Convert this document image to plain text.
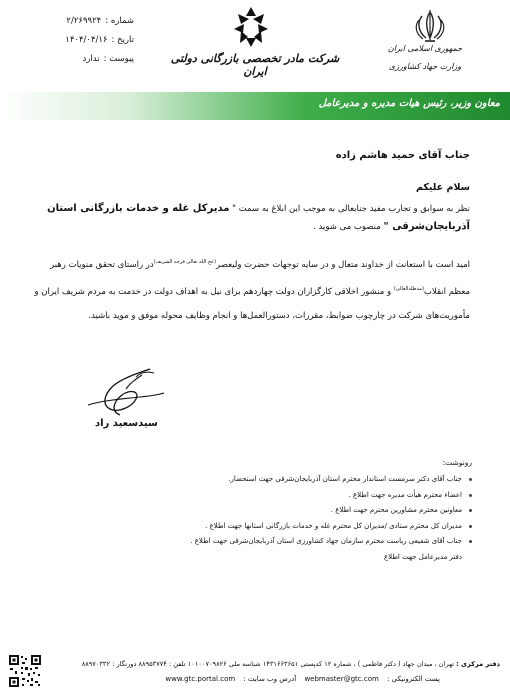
جمهوری اسلامی ایران
وزارت جهاد کشاورزی
شرکت مادر تخصصی بازرگانی دولتی ایران
شماره :
۲/۲۶۹۹۲۴
تاریخ :
۱۴۰۴/۰۴/۱۶
پیوست :
ندارد
معاون وزیر، رئیس هیات مدیره و مدیرعامل
جناب آقای حمید هاشم زاده
سلام علیکم
نظر به سوابق و تجارب مفید جنابعالی به موجب این ابلاغ به سمت " مدیرکل غله و خدمات بازرگانی استان آذربایجان‌شرقی " منصوب می شوید .
امید است با استعانت از خداوند متعال و در سایه توجهات حضرت ولیعصر$^{(عج الله تعالی فرجه الشریف)}$در راستای تحقق منویات رهبر معظم انقلاب$^{(مدظله‌العالی)}$ و منشور اخلاقی کارگزاران دولت چهاردهم برای نیل به اهداف دولت در خدمت به مردم شریف ایران و مأموریت‌های شرکت در چارچوب ضوابط، مقررات، دستورالعمل‌ها و انجام وظایف محوله موفق و موید باشید.
سیدسعید راد
رونوشت:
جناب آقای دکتر سرمست استاندار محترم استان آذربایجان‌شرقی جهت استحضار.
اعضاء محترم هیأت مدیره جهت اطلاع .
معاونین محترم مشاورین محترم جهت اطلاع .
مدیران کل محترم ستادی /مدیران کل محترم غله و خدمات بازرگانی استانها جهت اطلاع .
جناب آقای شفیعی ریاست محترم سازمان جهاد کشاورزی استان آذربایجان‌شرقی جهت اطلاع .
دفتر مدیرعامل جهت اطلاع
دفتر مرکزی : تهران ، میدان جهاد ( دکتر فاطمی ) ، شماره ۱۲ کدپستی ۱۴۳۱۶۶۳۶۵۱ شناسه ملی ۱۰۱۰۰۷۰۹۸۲۶ تلفن : ۸۸۹۵۳۷۷۴ دورنگار : ۸۸۹۷۰۳۳۲
پست الکترونیکی : webmaster@gtc.com آدرس وب سایت : www.gtc.portal.com
